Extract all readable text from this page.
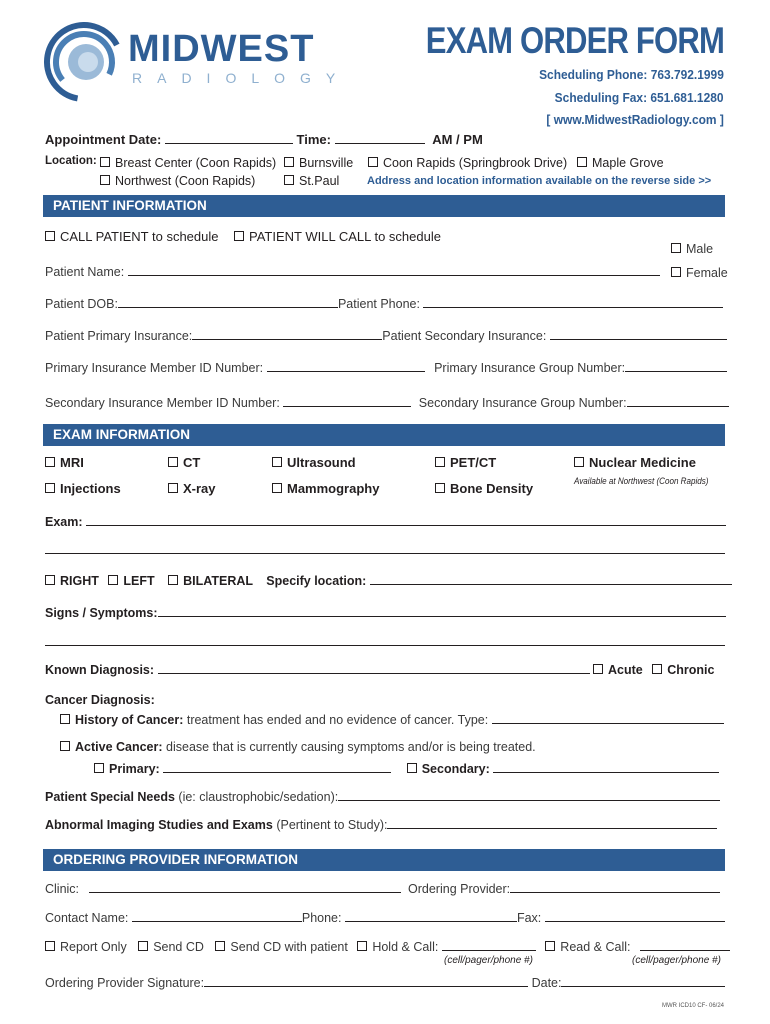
MIDWEST
RADIOLOGY
EXAM ORDER FORM
Scheduling Phone: 763.792.1999
Scheduling Fax: 651.681.1280
[ www.MidwestRadiology.com ]
Appointment Date:	Time:	AM / PM
Location:	Breast Center (Coon Rapids)	Burnsville	Coon Rapids (Springbrook Drive)	Maple Grove
Northwest (Coon Rapids)	St.Paul	Address and location information available on the reverse side >>
PATIENT INFORMATION
CALL PATIENT to schedule	PATIENT WILL CALL to schedule
Male
Female
Patient Name:
Patient DOB:	Patient Phone:
Patient Primary Insurance:	Patient Secondary Insurance:
Primary Insurance Member ID Number:	Primary Insurance Group Number:
Secondary Insurance Member ID Number:	Secondary Insurance Group Number:
EXAM INFORMATION
MRI	CT	Ultrasound	PET/CT	Nuclear Medicine
Injections	X-ray	Mammography	Bone Density	Available at Northwest (Coon Rapids)
Exam:
RIGHT LEFT BILATERAL Specify location:
Signs / Symptoms:
Known Diagnosis:	Acute Chronic
Cancer Diagnosis:
History of Cancer: treatment has ended and no evidence of cancer. Type:
Active Cancer: disease that is currently causing symptoms and/or is being treated.
Primary:	Secondary:
Patient Special Needs (ie: claustrophobic/sedation):
Abnormal Imaging Studies and Exams (Pertinent to Study):
ORDERING PROVIDER INFORMATION
Clinic:	Ordering Provider:
Contact Name:	Phone:	Fax:
Report Only Send CD Send CD with patient Hold & Call:	Read & Call:
(cell/pager/phone #)	(cell/pager/phone #)
Ordering Provider Signature:	Date:
MWR ICD10 CF- 06/24
